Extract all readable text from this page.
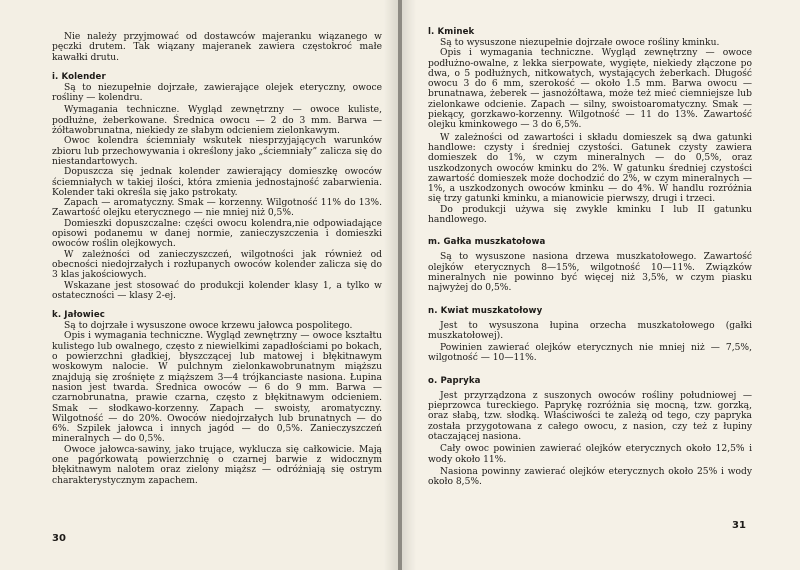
Nie należy przyjmować od dostawców majeranku wiązanego w pęczki drutem. Tak wiązany majeranek zawiera częstokroć małe kawałki drutu.

i. Kolender

Są to niezupełnie dojrzałe, zawierające olejek eteryczny, owoce rośliny — kolendru.

Wymagania techniczne. Wygląd zewnętrzny — owoce kuliste, podłużne, żeberkowane. Średnica owocu — 2 do 3 mm. Barwa — żółtawobrunatna, niekiedy ze słabym odcieniem zielonkawym.

Owoc kolendra ściemniały wskutek niesprzyjających warunków zbioru lub przechowywania i określony jako „ściemniały” zalicza się do niestandartowych.

Dopuszcza się jednak kolender zawierający domieszkę owoców ściemniałych w takiej ilości, która zmienia jednostajność zabarwienia. Kolender taki określa się jako pstrokaty.

Zapach — aromatyczny. Smak — korzenny. Wilgotność 11% do 13%. Zawartość olejku eterycznego — nie mniej niż 0,5%.

Domieszki dopuszczalne: części owocu kolendra,nie odpowiadające opisowi podanemu w danej normie, zanieczyszczenia i domieszki owoców roślin olejkowych.

W zależności od zanieczyszczeń, wilgotności jak również od obecności niedojrzałych i rozłupanych owoców kolender zalicza się do 3 klas jakościowych.

Wskazane jest stosować do produkcji kolender klasy 1, a tylko w ostateczności — klasy 2-ej.

k. Jałowiec

Są to dojrzałe i wysuszone owoce krzewu jałowca pospolitego.

Opis i wymagania techniczne. Wygląd zewnętrzny — owoce kształtu kulistego lub owalnego, często z niewielkimi zapadłościami po bokach, o powierzchni gładkiej, błyszczącej lub matowej i błękitnawym woskowym nalocie. W pulchnym zielonkawobrunatnym miąższu znajdują się zrośnięte z miąższem 3—4 trójkanciaste nasiona. Łupina nasion jest twarda. Średnica owoców — 6 do 9 mm. Barwa — czarnobrunatna, prawie czarna, często z błękitnawym odcieniem. Smak — słodkawo-korzenny. Zapach — swoisty, aromatyczny. Wilgotność — do 20%. Owoców niedojrzałych lub brunatnych — do 6%. Szpilek jałowca i innych jagód — do 0,5%. Zanieczyszczeń mineralnych — do 0,5%.

Owoce jałowca-sawiny, jako trujące, wyklucza się całkowicie. Mają one pagórkowatą powierzchnię o czarnej barwie z widocznym błękitnawym nalotem oraz zielony miąższ — odróżniają się ostrym charakterystycznym zapachem.

30
l. Kminek

Są to wysuszone niezupełnie dojrzałe owoce rośliny kminku.

Opis i wymagania techniczne. Wygląd zewnętrzny — owoce podłużno-owalne, z lekka sierpowate, wygięte, niekiedy złączone po dwa, o 5 podłużnych, nitkowatych, wystających żeberkach. Długość owocu 3 do 6 mm, szerokość — około 1.5 mm. Barwa owocu — brunatnawa, żeberek — jasnożółtawa, może też mieć ciemniejsze lub zielonkawe odcienie. Zapach — silny, swoistoaromatyczny. Smak — piekący, gorzkawo-korzenny. Wilgotność — 11 do 13%. Zawartość olejku kminkowego — 3 do 6,5%.

W zależności od zawartości i składu domieszek są dwa gatunki handlowe: czysty i średniej czystości. Gatunek czysty zawiera domieszek do 1%, w czym mineralnych — do 0,5%, oraz uszkodzonych owoców kminku do 2%. W gatunku średniej czystości zawartość domieszek może dochodzić do 2%, w czym mineralnych — 1%, a uszkodzonych owoców kminku — do 4%. W handlu rozróżnia się trzy gatunki kminku, a mianowicie pierwszy, drugi i trzeci.

Do produkcji używa się zwykle kminku I lub II gatunku handlowego.

m. Gałka muszkatołowa

Są to wysuszone nasiona drzewa muszkatołowego. Zawartość olejków eterycznych 8—15%, wilgotność 10—11%. Związków mineralnych nie powinno być więcej niż 3,5%, w czym piasku najwyżej do 0,5%.

n. Kwiat muszkatołowy

Jest to wysuszona łupina orzecha muszkatołowego (gałki muszkatołowej).

Powinien zawierać olejków eterycznych nie mniej niż — 7,5%, wilgotność — 10—11%.

o. Papryka

Jest przyrządzona z suszonych owoców rośliny południowej — pieprzowca tureckiego. Paprykę rozróżnia się mocną, tzw. gorzką, oraz słabą, tzw. słodką. Właściwości te zależą od tego, czy papryka została przygotowana z całego owocu, z nasion, czy też z łupiny otaczającej nasiona.

Cały owoc powinien zawierać olejków eterycznych około 12,5% i wody około 11%.

Nasiona powinny zawierać olejków eterycznych około 25% i wody około 8,5%.

31
